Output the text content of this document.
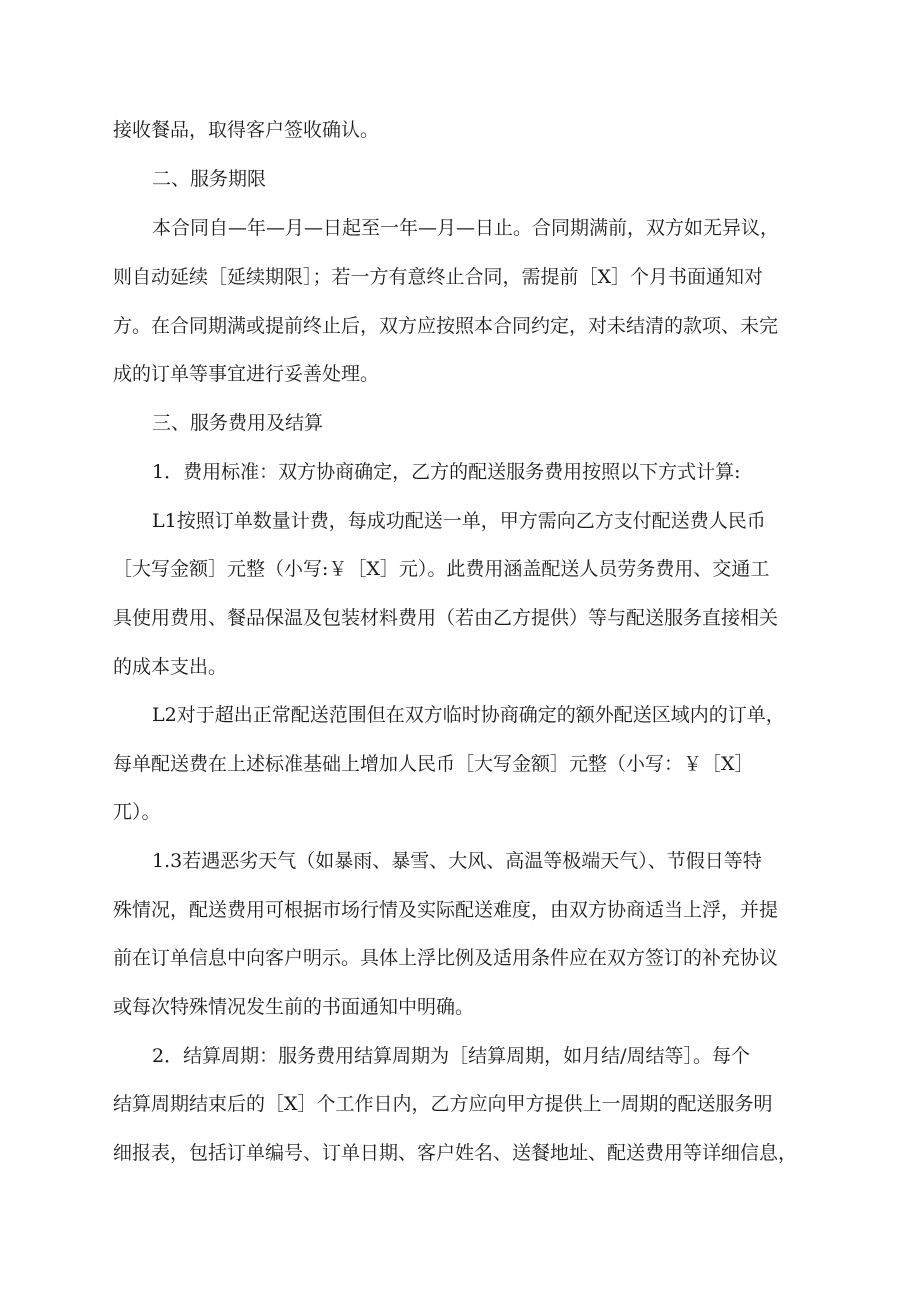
接收餐品，取得客户签收确认。
二、服务期限
本合同自—年—月—日起至一年—月—日止。合同期满前，双方如无异议，
则自动延续［延续期限］；若一方有意终止合同，需提前［X］个月书面通知对
方。在合同期满或提前终止后，双方应按照本合同约定，对未结清的款项、未完
成的订单等事宜进行妥善处理。
三、服务费用及结算
1．费用标准：双方协商确定，乙方的配送服务费用按照以下方式计算:
L1按照订单数量计费，每成功配送一单，甲方需向乙方支付配送费人民币
［大写金额］元整（小写:￥［X］元）。此费用涵盖配送人员劳务费用、交通工
具使用费用、餐品保温及包装材料费用（若由乙方提供）等与配送服务直接相关
的成本支出。
L2对于超出正常配送范围但在双方临时协商确定的额外配送区域内的订单，
每单配送费在上述标准基础上增加人民币［大写金额］元整（小写：￥［X］
兀）。
1.3若遇恶劣天气（如暴雨、暴雪、大风、高温等极端天气）、节假日等特
殊情况，配送费用可根据市场行情及实际配送难度，由双方协商适当上浮，并提
前在订单信息中向客户明示。具体上浮比例及适用条件应在双方签订的补充协议
或每次特殊情况发生前的书面通知中明确。
2．结算周期：服务费用结算周期为［结算周期，如月结/周结等］。每个
结算周期结束后的［X］个工作日内，乙方应向甲方提供上一周期的配送服务明
细报表，包括订单编号、订单日期、客户姓名、送餐地址、配送费用等详细信息，
